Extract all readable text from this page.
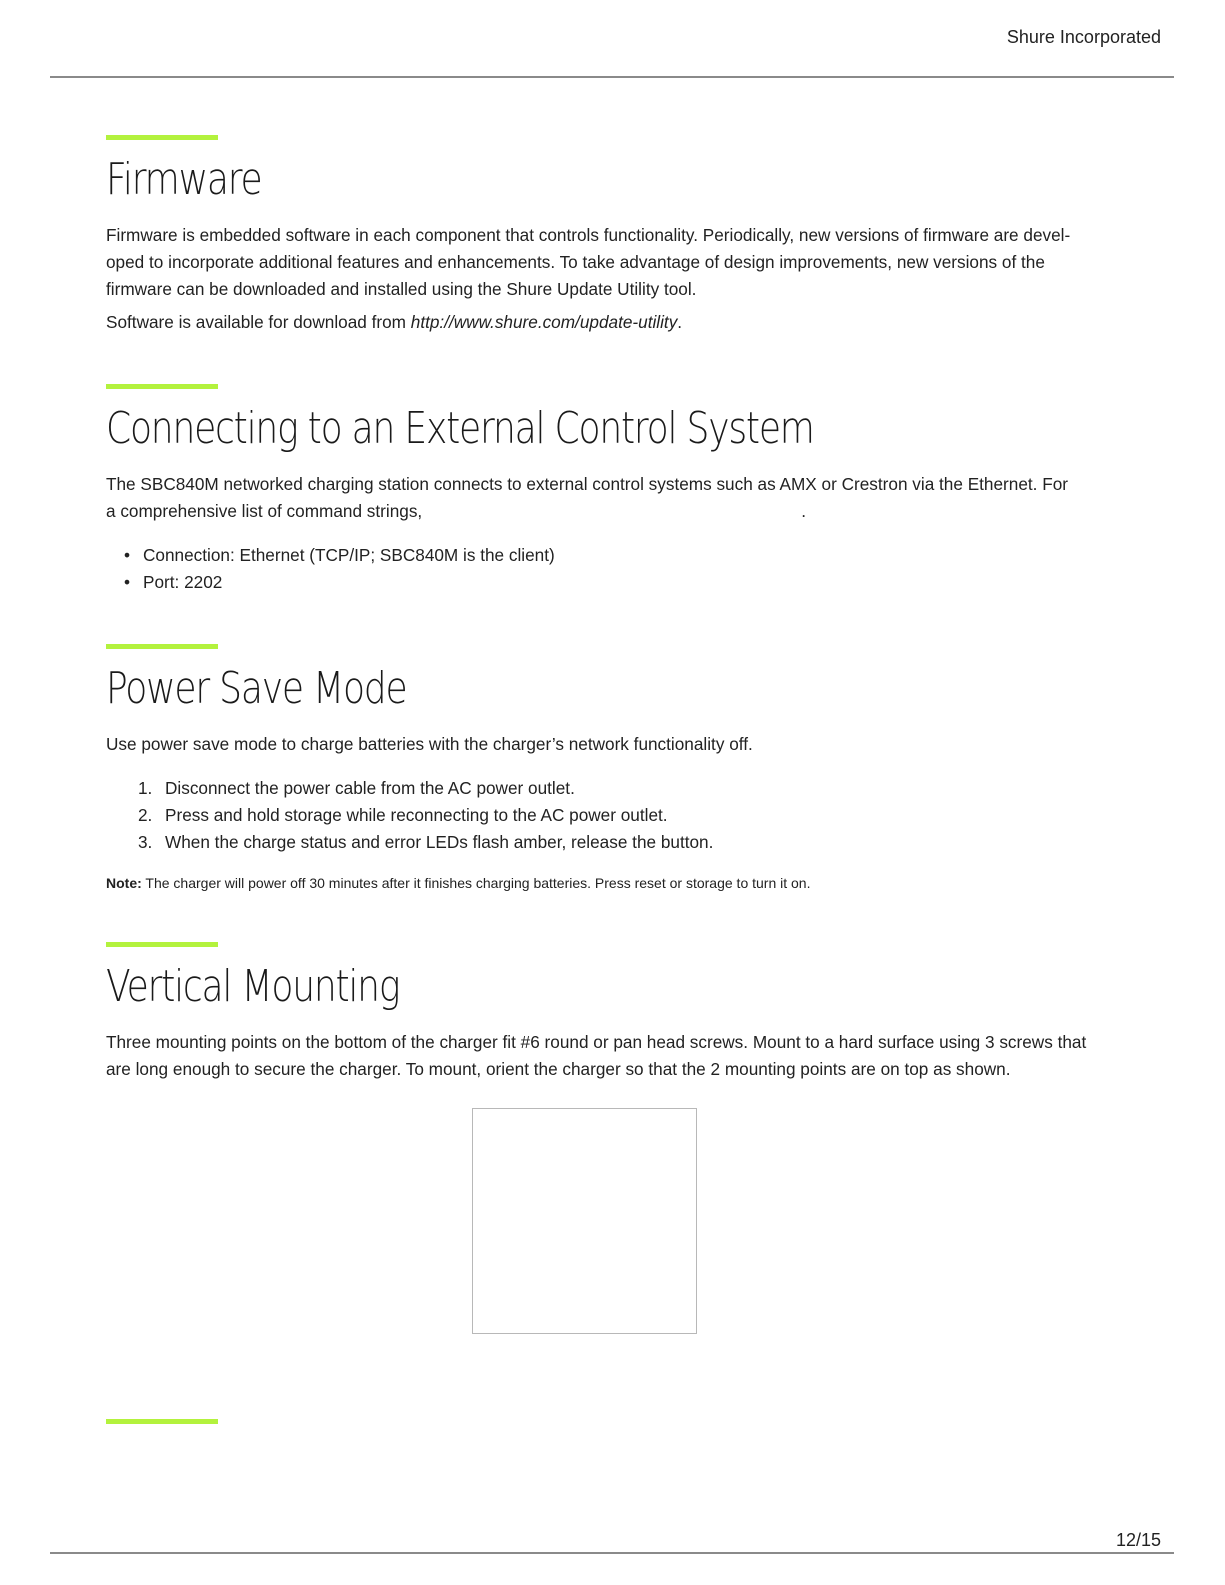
Shure Incorporated
Firmware

Firmware is embedded software in each component that controls functionality. Periodically, new versions of firmware are devel-oped to incorporate additional features and enhancements. To take advantage of design improvements, new versions of the firmware can be downloaded and installed using the Shure Update Utility tool.

Software is available for download from http://www.shure.com/update-utility.

Connecting to an External Control System

The SBC840M networked charging station connects to external control systems such as AMX or Crestron via the Ethernet. For
a comprehensive list of command strings,	.

• Connection: Ethernet (TCP/IP; SBC840M is the client)
• Port: 2202
Power Save Mode

Use power save mode to charge batteries with the charger’s network functionality off.

1. Disconnect the power cable from the AC power outlet.
2. Press and hold storage while reconnecting to the AC power outlet.
3. When the charge status and error LEDs flash amber, release the button.
Note: The charger will power off 30 minutes after it finishes charging batteries. Press reset or storage to turn it on.
Vertical Mounting

Three mounting points on the bottom of the charger fit #6 round or pan head screws. Mount to a hard surface using 3 screws that are long enough to secure the charger. To mount, orient the charger so that the 2 mounting points are on top as shown.

12/15
